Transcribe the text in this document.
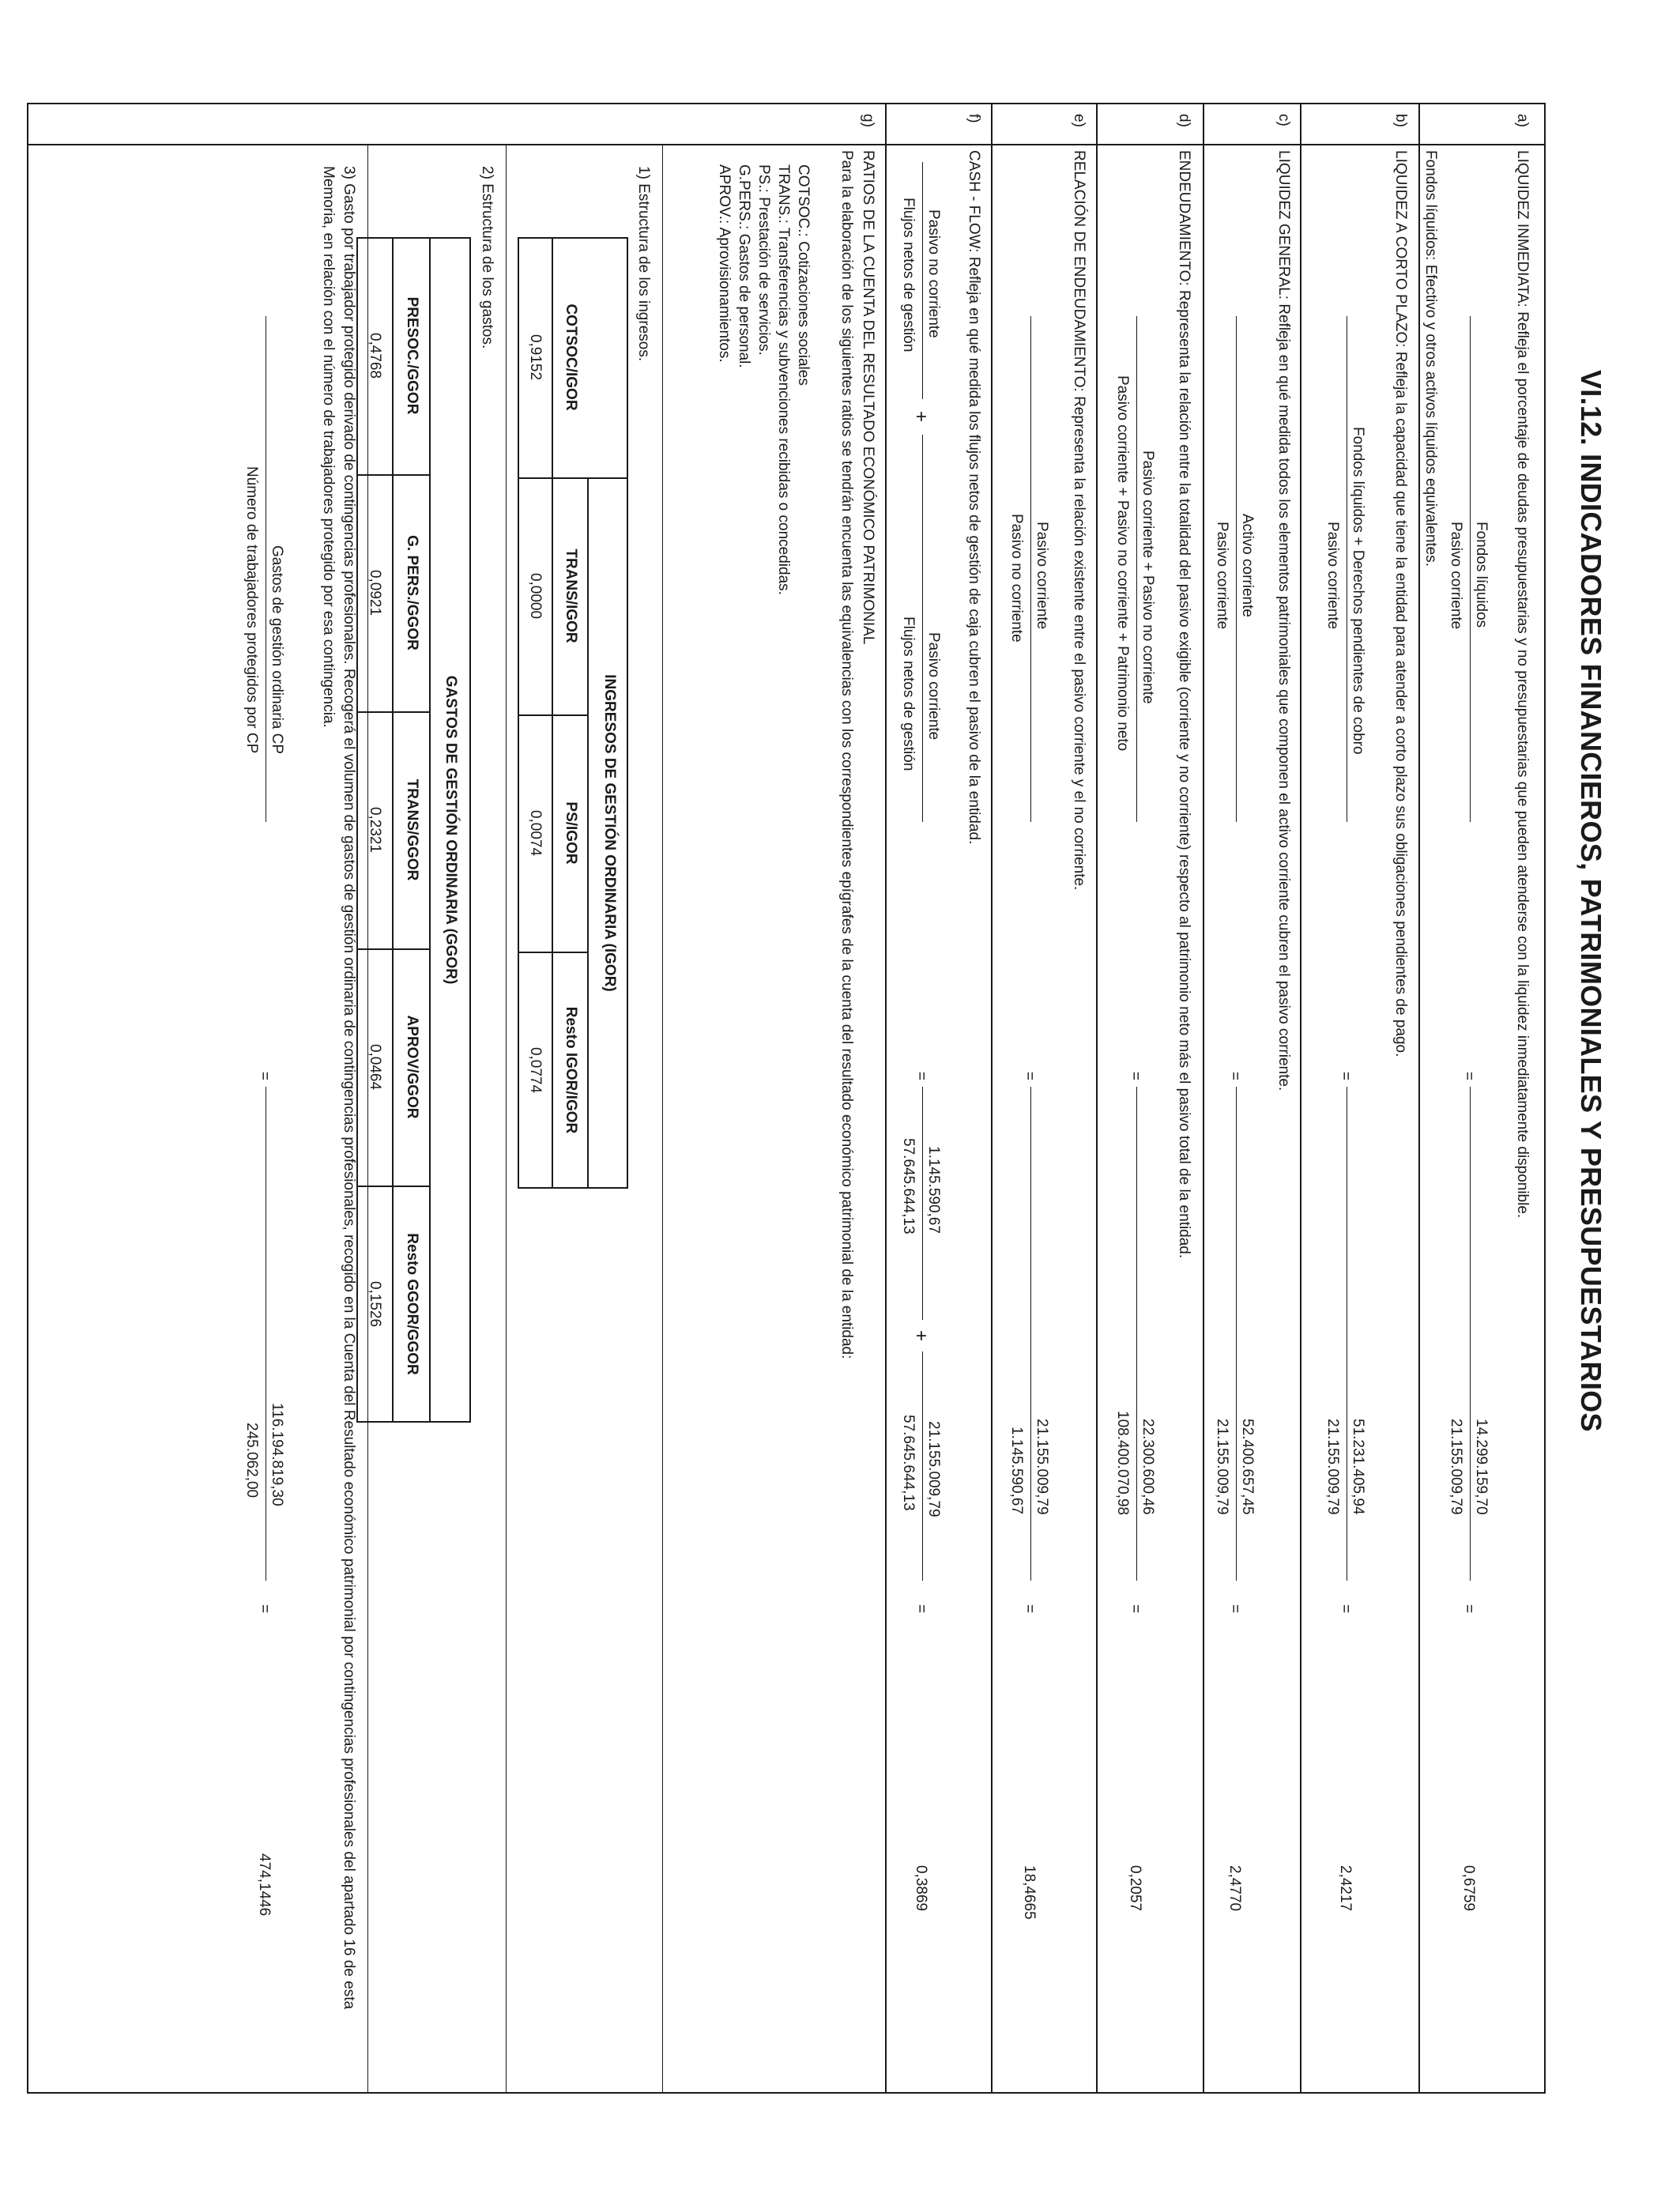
VI.12. INDICADORES FINANCIEROS, PATRIMONIALES Y PRESUPUESTARIOS
a)
LIQUIDEZ INMEDIATA: Refleja el porcentaje de deudas presupuestarias y no presupuestarias que pueden atenderse con la liquidez inmediatamente disponible.
Fondos líquidos
Pasivo corriente
=
14.299.159,70
21.155.009,79
=
0,6759
Fondos líquidos: Efectivo y otros activos líquidos equivalentes.
b)
LIQUIDEZ A CORTO PLAZO: Refleja la capacidad que tiene la entidad para atender a corto plazo sus obligaciones pendientes de pago.
Fondos líquidos + Derechos pendientes de cobro
Pasivo corriente
=
51.231.405,94
21.155.009,79
=
2,4217
c)
LIQUIDEZ GENERAL: Refleja en qué medida todos los elementos patrimoniales que componen el activo corriente cubren el pasivo corriente.
Activo corriente
Pasivo corriente
=
52.400.657,45
21.155.009,79
=
2,4770
d)
ENDEUDAMIENTO: Representa la relación entre la totalidad del pasivo exigible (corriente y no corriente) respecto al patrimonio neto más el pasivo total de la entidad.
Pasivo corriente + Pasivo no corriente
Pasivo corriente + Pasivo no corriente + Patrimonio neto
=
22.300.600,46
108.400.070,98
=
0,2057
e)
RELACIÓN DE ENDEUDAMIENTO: Representa la relación existente entre el pasivo corriente y el no corriente.
Pasivo corriente
Pasivo no corriente
=
21.155.009,79
1.145.590,67
=
18,4665
f)
CASH - FLOW: Refleja en qué medida los flujos netos de gestión de caja cubren el pasivo de la entidad.
Pasivo no corriente
Flujos netos de gestión
+
Pasivo corriente
Flujos netos de gestión
=
1.145.590,67
57.645.644,13
+
21.155.009,79
57.645.644,13
=
0,3869
g)
RATIOS DE LA CUENTA DEL RESULTADO ECONÓMICO PATRIMONIAL
Para la elaboración de los siguientes ratios se tendrán encuenta las equivalencias con los correspondientes epígrafes de la cuenta del resultado económico patrimonial de la entidad:
COTSOC.: Cotizaciones sociales
TRANS.: Transferencias y subvenciones recibidas o concedidas.
PS.: Prestación de servicios.
G.PERS.: Gastos de personal.
APROV.: Aprovisionamientos.
1) Estructura de los ingresos.
INGRESOS DE GESTIÓN ORDINARIA (IGOR)
COTSOC/IGOR
TRANS/IGOR
PS/IGOR
Resto IGOR/IGOR
0,9152
0,0000
0,0074
0,0774
2) Estructura de los gastos.
GASTOS DE GESTIÓN ORDINARIA (GGOR)
PRESOC./GGOR
G. PERS./GGOR
TRANS/GGOR
APROV/GGOR
Resto GGOR/GGOR
0,4768
0,0921
0,2321
0,0464
0,1526
3) Gasto por trabajador protegido derivado de contingencias profesionales. Recogerá el volumen de gastos de gestión ordinaria de contingencias profesionales, recogido en la Cuenta del Resultado económico patrimonial por contingencias profesionales del apartado 16 de esta Memoria, en relación con el número de trabajadores protegido por esa contingencia.
Gastos de gestión ordinaria CP
Número de trabajadores protegidos por CP
=
116.194.819,30
245.062,00
=
474,1446
